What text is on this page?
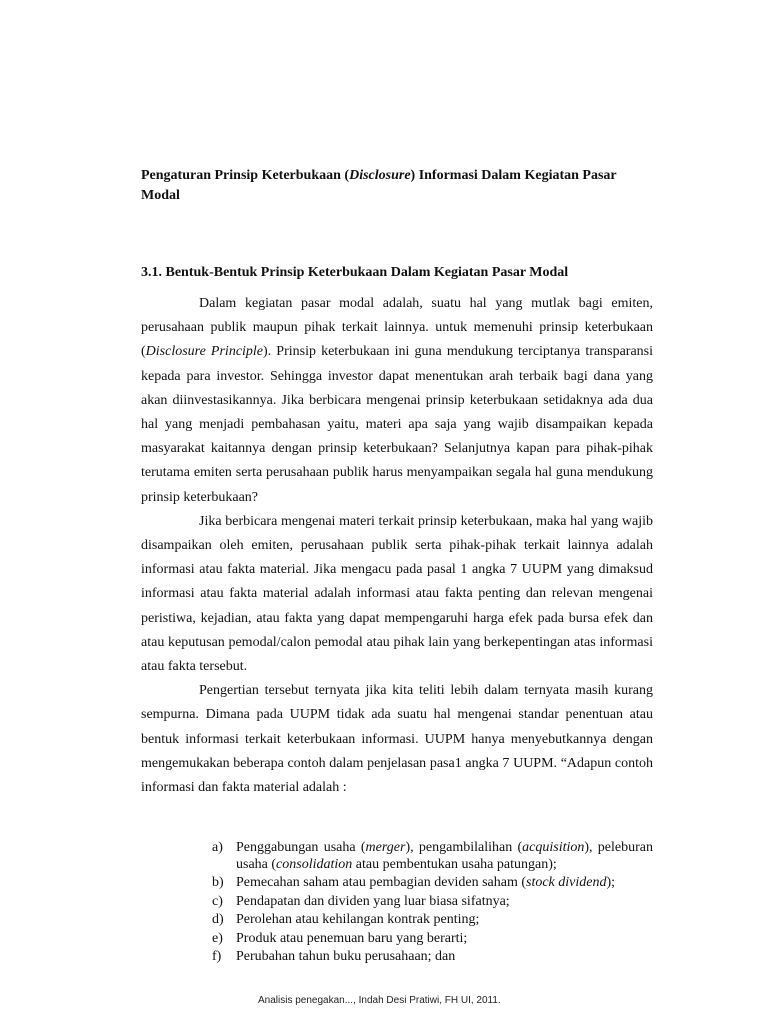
Pengaturan Prinsip Keterbukaan (Disclosure) Informasi Dalam Kegiatan Pasar Modal
3.1. Bentuk-Bentuk Prinsip Keterbukaan Dalam Kegiatan Pasar Modal

Dalam kegiatan pasar modal adalah, suatu hal yang mutlak bagi emiten, perusahaan publik maupun pihak terkait lainnya. untuk memenuhi prinsip keterbukaan (Disclosure Principle). Prinsip keterbukaan ini guna mendukung terciptanya transparansi kepada para investor. Sehingga investor dapat menentukan arah terbaik bagi dana yang akan diinvestasikannya. Jika berbicara mengenai prinsip keterbukaan setidaknya ada dua hal yang menjadi pembahasan yaitu, materi apa saja yang wajib disampaikan kepada masyarakat kaitannya dengan prinsip keterbukaan? Selanjutnya kapan para pihak-pihak terutama emiten serta perusahaan publik harus menyampaikan segala hal guna mendukung prinsip keterbukaan?

Jika berbicara mengenai materi terkait prinsip keterbukaan, maka hal yang wajib disampaikan oleh emiten, perusahaan publik serta pihak-pihak terkait lainnya adalah informasi atau fakta material. Jika mengacu pada pasal 1 angka 7 UUPM yang dimaksud informasi atau fakta material adalah informasi atau fakta penting dan relevan mengenai peristiwa, kejadian, atau fakta yang dapat mempengaruhi harga efek pada bursa efek dan atau keputusan pemodal/calon pemodal atau pihak lain yang berkepentingan atas informasi atau fakta tersebut.

Pengertian tersebut ternyata jika kita teliti lebih dalam ternyata masih kurang sempurna. Dimana pada UUPM tidak ada suatu hal mengenai standar penentuan atau bentuk informasi terkait keterbukaan informasi. UUPM hanya menyebutkannya dengan mengemukakan beberapa contoh dalam penjelasan pasa1 angka 7 UUPM. “Adapun contoh informasi dan fakta material adalah :

a) Penggabungan usaha (merger), pengambilalihan (acquisition), peleburan usaha (consolidation atau pembentukan usaha patungan);
b) Pemecahan saham atau pembagian deviden saham (stock dividend);
c) Pendapatan dan dividen yang luar biasa sifatnya;
d) Perolehan atau kehilangan kontrak penting;
e) Produk atau penemuan baru yang berarti;
f) Perubahan tahun buku perusahaan; dan
Analisis penegakan..., Indah Desi Pratiwi, FH UI, 2011.
